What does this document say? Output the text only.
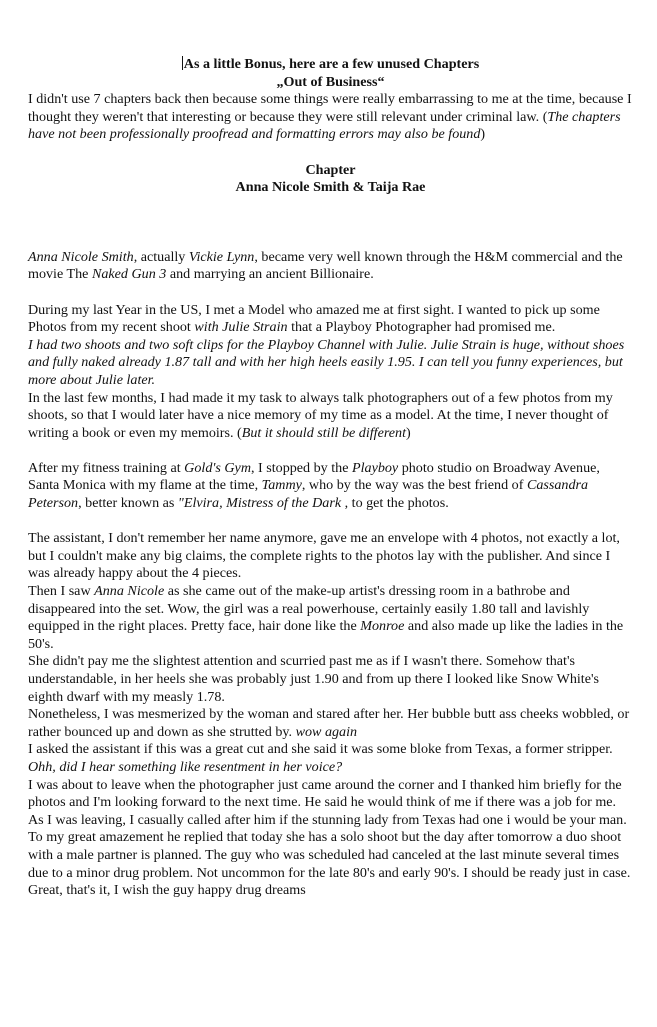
As a little Bonus, here are a few unused Chapters

„Out of Business“

I didn't use 7 chapters back then because some things were really embarrassing to me at the time, because I thought they weren't that interesting or because they were still relevant under criminal law. (The chapters have not been professionally proofread and formatting errors may also be found)

Chapter

Anna Nicole Smith & Taija Rae

Anna Nicole Smith, actually Vickie Lynn, became very well known through the H&M commercial and the movie The Naked Gun 3 and marrying an ancient Billionaire.

During my last Year in the US, I met a Model who amazed me at first sight. I wanted to pick up some Photos from my recent shoot with Julie Strain that a Playboy Photographer had promised me.

I had two shoots and two soft clips for the Playboy Channel with Julie. Julie Strain is huge, without shoes and fully naked already 1.87 tall and with her high heels easily 1.95. I can tell you funny experiences, but more about Julie later.

In the last few months, I had made it my task to always talk photographers out of a few photos from my shoots, so that I would later have a nice memory of my time as a model. At the time, I never thought of writing a book or even my memoirs. (But it should still be different)

After my fitness training at Gold's Gym, I stopped by the Playboy photo studio on Broadway Avenue, Santa Monica with my flame at the time, Tammy, who by the way was the best friend of Cassandra Peterson, better known as "Elvira, Mistress of the Dark , to get the photos.

The assistant, I don't remember her name anymore, gave me an envelope with 4 photos, not exactly a lot, but I couldn't make any big claims, the complete rights to the photos lay with the publisher. And since I was already happy about the 4 pieces.

Then I saw Anna Nicole as she came out of the make-up artist's dressing room in a bathrobe and disappeared into the set. Wow, the girl was a real powerhouse, certainly easily 1.80 tall and lavishly equipped in the right places. Pretty face, hair done like the Monroe and also made up like the ladies in the 50's.

She didn't pay me the slightest attention and scurried past me as if I wasn't there. Somehow that's understandable, in her heels she was probably just 1.90 and from up there I looked like Snow White's eighth dwarf with my measly 1.78.

Nonetheless, I was mesmerized by the woman and stared after her. Her bubble butt ass cheeks wobbled, or rather bounced up and down as she strutted by. wow again

I asked the assistant if this was a great cut and she said it was some bloke from Texas, a former stripper. Ohh, did I hear something like resentment in her voice?

I was about to leave when the photographer just came around the corner and I thanked him briefly for the photos and I'm looking forward to the next time. He said he would think of me if there was a job for me.

As I was leaving, I casually called after him if the stunning lady from Texas had one i would be your man.

To my great amazement he replied that today she has a solo shoot but the day after tomorrow a duo shoot with a male partner is planned. The guy who was scheduled had canceled at the last minute several times due to a minor drug problem. Not uncommon for the late 80's and early 90's. I should be ready just in case. Great, that's it, I wish the guy happy drug dreams
